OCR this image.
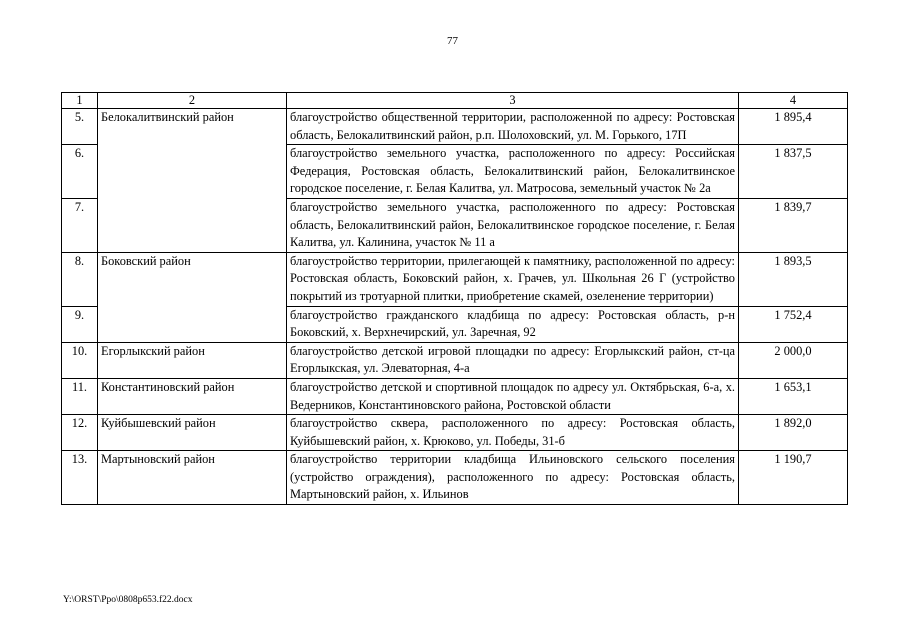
77
1	2	3	4
5.	Белокалитвинский район	благоустройство общественной территории, расположенной по адресу: Ростовская область, Белокалитвинский район, р.п. Шолоховский, ул. М. Горького, 17П	1 895,4
6.		благоустройство земельного участка, расположенного по адресу: Российская Федерация, Ростовская область, Белокалитвинский район, Белокалитвинское городское поселение, г. Белая Калитва, ул. Матросова, земельный участок № 2а	1 837,5
7.		благоустройство земельного участка, расположенного по адресу: Ростовская область, Белокалитвинский район, Белокалитвинское городское поселение, г. Белая Калитва, ул. Калинина, участок № 11 а	1 839,7
8.	Боковский район	благоустройство территории, прилегающей к памятнику, расположенной по адресу: Ростовская область, Боковский район, х. Грачев, ул. Школьная 26 Г (устройство покрытий из тротуарной плитки, приобретение скамей, озеленение территории)	1 893,5
9.		благоустройство гражданского кладбища по адресу: Ростовская область, р-н Боковский, х. Верхнечирский, ул. Заречная, 92	1 752,4
10.	Егорлыкский район	благоустройство детской игровой площадки по адресу: Егорлыкский район, ст-ца Егорлыкская, ул. Элеваторная, 4-а	2 000,0
11.	Константиновский район	благоустройство детской и спортивной площадок по адресу ул. Октябрьская, 6-а, х. Ведерников, Константиновского района, Ростовской области	1 653,1
12.	Куйбышевский район	благоустройство сквера, расположенного по адресу: Ростовская область, Куйбышевский район, х. Крюково, ул. Победы, 31-б	1 892,0
13.	Мартыновский район	благоустройство территории кладбища Ильиновского сельского поселения (устройство ограждения), расположенного по адресу: Ростовская область, Мартыновский район, х. Ильинов	1 190,7
Y:\ORST\Ppo\0808p653.f22.docx
